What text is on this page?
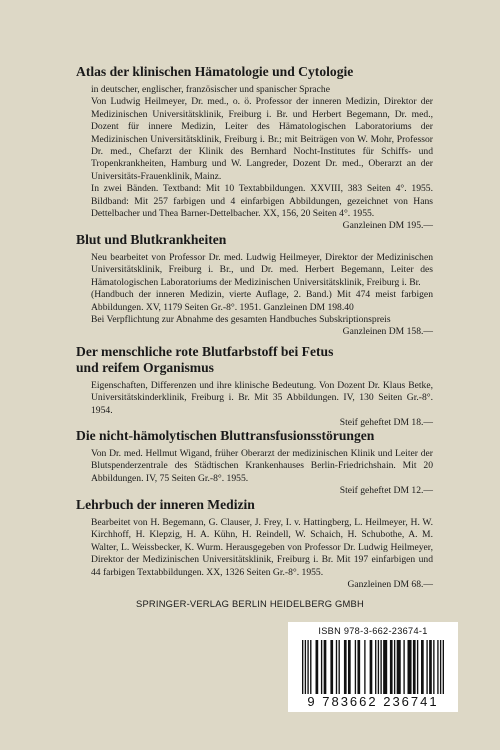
Atlas der klinischen Hämatologie und Cytologie

in deutscher, englischer, französischer und spanischer Sprache

Von Ludwig Heilmeyer, Dr. med., o. ö. Professor der inneren Medizin, Direktor der Medizinischen Universitätsklinik, Freiburg i. Br. und Herbert Begemann, Dr. med., Dozent für innere Medizin, Leiter des Hämatologischen Laboratoriums der Medizinischen Universitätsklinik, Freiburg i. Br.; mit Beiträgen von W. Mohr, Professor Dr. med., Chefarzt der Klinik des Bernhard Nocht-Institutes für Schiffs- und Tropenkrankheiten, Hamburg und W. Langreder, Dozent Dr. med., Oberarzt an der Universitäts-Frauenklinik, Mainz.

In zwei Bänden. Textband: Mit 10 Textabbildungen. XXVIII, 383 Seiten 4°. 1955. Bildband: Mit 257 farbigen und 4 einfarbigen Abbildungen, gezeichnet von Hans Dettelbacher und Thea Barner-Dettelbacher. XX, 156, 20 Seiten 4°. 1955.

Ganzleinen DM 195.—

Blut und Blutkrankheiten

Neu bearbeitet von Professor Dr. med. Ludwig Heilmeyer, Direktor der Medizinischen Universitätsklinik, Freiburg i. Br., und Dr. med. Herbert Begemann, Leiter des Hämatologischen Laboratoriums der Medizinischen Universitätsklinik, Freiburg i. Br.

(Handbuch der inneren Medizin, vierte Auflage, 2. Band.) Mit 474 meist farbigen Abbildungen. XV, 1179 Seiten Gr.-8°. 1951. Ganzleinen DM 198.40

Bei Verpflichtung zur Abnahme des gesamten Handbuches Subskriptionspreis

Ganzleinen DM 158.—

Der menschliche rote Blutfarbstoff bei Fetus
und reifem Organismus

Eigenschaften, Differenzen und ihre klinische Bedeutung. Von Dozent Dr. Klaus Betke, Universitätskinderklinik, Freiburg i. Br. Mit 35 Abbildungen. IV, 130 Seiten Gr.-8°. 1954.

Steif geheftet DM 18.—

Die nicht-hämolytischen Bluttransfusionsstörungen

Von Dr. med. Hellmut Wigand, früher Oberarzt der medizinischen Klinik und Leiter der Blutspenderzentrale des Städtischen Krankenhauses Berlin-Friedrichshain. Mit 20 Abbildungen. IV, 75 Seiten Gr.-8°. 1955.

Steif geheftet DM 12.—

Lehrbuch der inneren Medizin

Bearbeitet von H. Begemann, G. Clauser, J. Frey, I. v. Hattingberg, L. Heilmeyer, H. W. Kirchhoff, H. Klepzig, H. A. Kühn, H. Reindell, W. Schaich, H. Schubothe, A. M. Walter, L. Weissbecker, K. Wurm. Herausgegeben von Professor Dr. Ludwig Heilmeyer, Direktor der Medizinischen Universitätsklinik, Freiburg i. Br. Mit 197 einfarbigen und 44 farbigen Textabbildungen. XX, 1326 Seiten Gr.-8°. 1955.

Ganzleinen DM 68.—

SPRINGER-VERLAG BERLIN HEIDELBERG GMBH
ISBN 978-3-662-23674-1
9 783662 236741
